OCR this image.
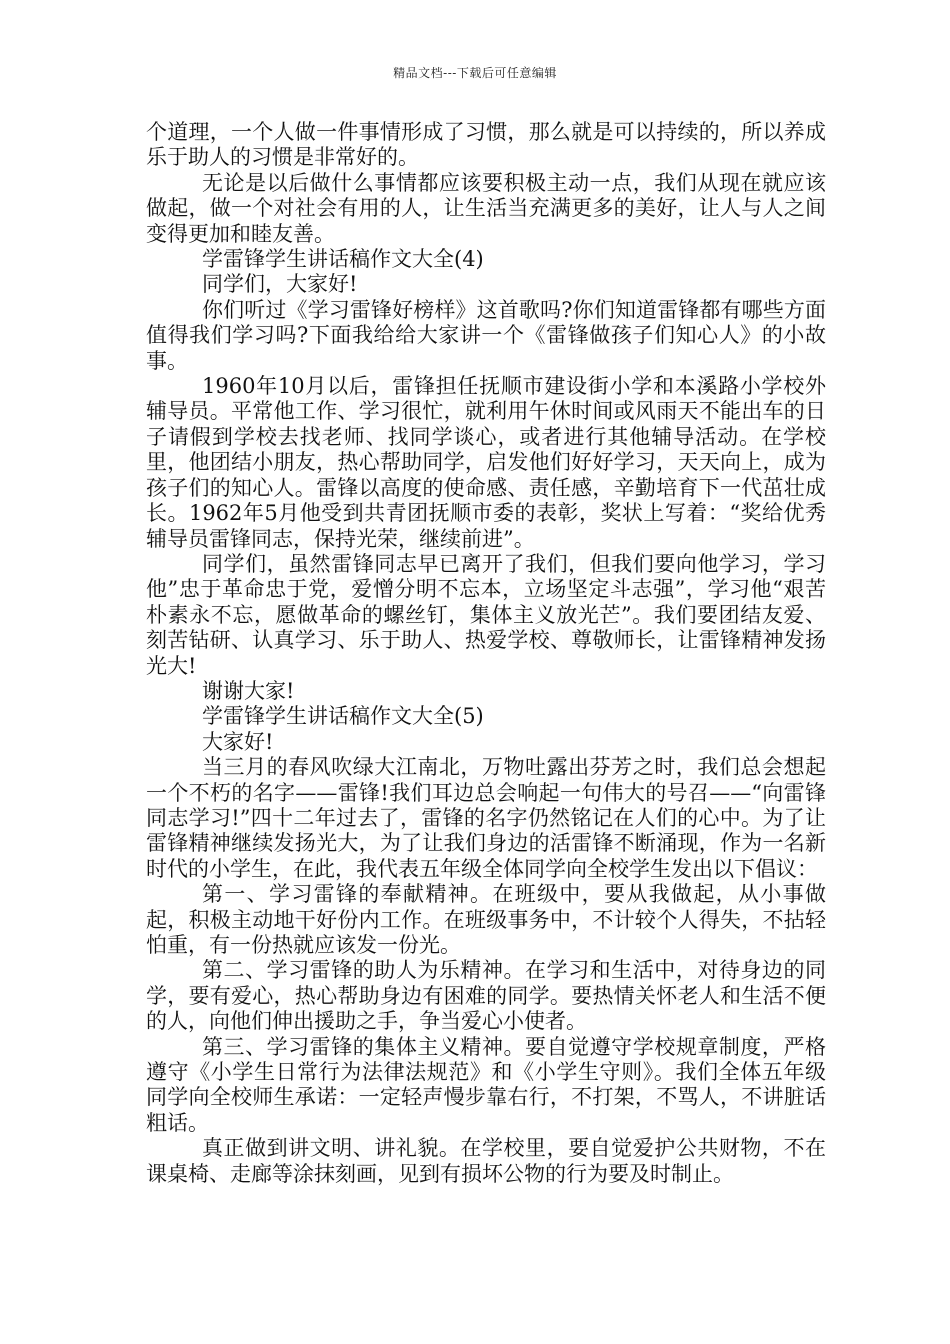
精品文档---下载后可任意编辑

个道理，一个人做一件事情形成了习惯，那么就是可以持续的，所以养成乐于助人的习惯是非常好的。

无论是以后做什么事情都应该要积极主动一点，我们从现在就应该做起，做一个对社会有用的人，让生活当充满更多的美好，让人与人之间变得更加和睦友善。

学雷锋学生讲话稿作文大全(4)

同学们，大家好!

你们听过《学习雷锋好榜样》这首歌吗?你们知道雷锋都有哪些方面值得我们学习吗?下面我给给大家讲一个《雷锋做孩子们知心人》的小故事。

1960年10月以后，雷锋担任抚顺市建设街小学和本溪路小学校外辅导员。平常他工作、学习很忙，就利用午休时间或风雨天不能出车的日子请假到学校去找老师、找同学谈心，或者进行其他辅导活动。在学校里，他团结小朋友，热心帮助同学，启发他们好好学习，天天向上，成为孩子们的知心人。雷锋以高度的使命感、责任感，辛勤培育下一代茁壮成长。1962年5月他受到共青团抚顺市委的表彰，奖状上写着：“奖给优秀辅导员雷锋同志，保持光荣，继续前进”。

同学们，虽然雷锋同志早已离开了我们，但我们要向他学习，学习他”忠于革命忠于党，爱憎分明不忘本，立场坚定斗志强”，学习他“艰苦朴素永不忘，愿做革命的螺丝钉，集体主义放光芒”。我们要团结友爱、刻苦钻研、认真学习、乐于助人、热爱学校、尊敬师长，让雷锋精神发扬光大!

谢谢大家!

学雷锋学生讲话稿作文大全(5)

大家好!

当三月的春风吹绿大江南北，万物吐露出芬芳之时，我们总会想起一个不朽的名字——雷锋!我们耳边总会响起一句伟大的号召——“向雷锋同志学习!”四十二年过去了，雷锋的名字仍然铭记在人们的心中。为了让雷锋精神继续发扬光大，为了让我们身边的活雷锋不断涌现，作为一名新时代的小学生，在此，我代表五年级全体同学向全校学生发出以下倡议：

第一、学习雷锋的奉献精神。在班级中，要从我做起，从小事做起，积极主动地干好份内工作。在班级事务中，不计较个人得失，不拈轻怕重，有一份热就应该发一份光。

第二、学习雷锋的助人为乐精神。在学习和生活中，对待身边的同学，要有爱心，热心帮助身边有困难的同学。要热情关怀老人和生活不便的人，向他们伸出援助之手，争当爱心小使者。

第三、学习雷锋的集体主义精神。要自觉遵守学校规章制度，严格遵守《小学生日常行为法律法规范》和《小学生守则》。我们全体五年级同学向全校师生承诺：一定轻声慢步靠右行，不打架，不骂人，不讲脏话粗话。

真正做到讲文明、讲礼貌。在学校里，要自觉爱护公共财物，不在课桌椅、走廊等涂抹刻画，见到有损坏公物的行为要及时制止。
